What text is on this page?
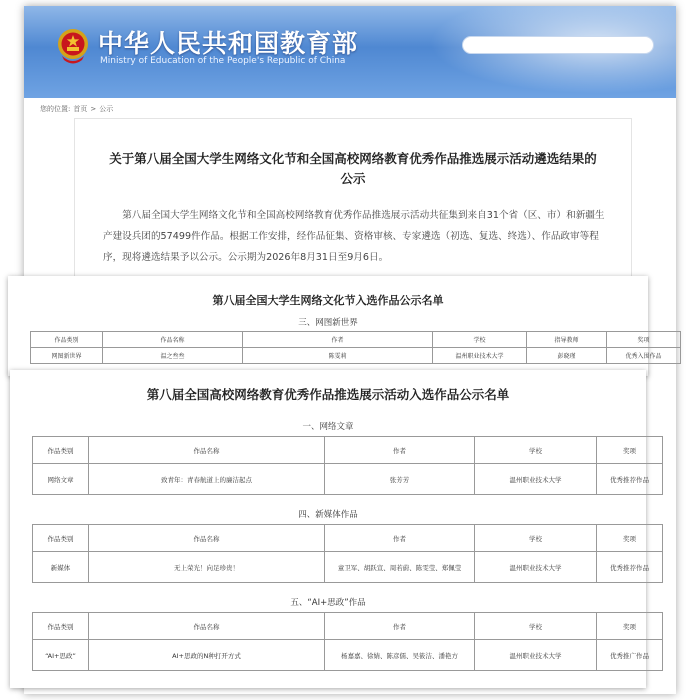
中华人民共和国教育部
Ministry of Education of the People's Republic of China
您的位置: 首页 > 公示
关于第八届全国大学生网络文化节和全国高校网络教育优秀作品推选展示活动遴选结果的
公示
第八届全国大学生网络文化节和全国高校网络教育优秀作品推选展示活动共征集到来自31个省（区、市）和新疆生产建设兵团的57499件作品。根据工作安排，经作品征集、资格审核、专家遴选（初选、复选、终选）、作品政审等程序，现将遴选结果予以公示。公示期为2026年8月31日至9月6日。
第八届全国大学生网络文化节入选作品公示名单
三、网图新世界
作品类别	作品名称	作者	学校	指导教师	奖项
网图新世界	温之叁叁	陈雯莉	温州职业技术大学	彭晓瑾	优秀入围作品
第八届全国高校网络教育优秀作品推选展示活动入选作品公示名单
一、网络文章
作品类别	作品名称	作者	学校	奖项
网络文章	致青年：青春航道上的廉洁起点	张芳芳	温州职业技术大学	优秀推荐作品
四、新媒体作品
作品类别	作品名称	作者	学校	奖项
新媒体	无上荣光！向足珍贵！	童卫军、胡跃宣、周若蔚、陈雯莹、郑佩莹	温州职业技术大学	优秀推荐作品
五、“AI+思政”作品
作品类别	作品名称	作者	学校	奖项
“AI+思政”	AI+思政的N种打开方式	杨嘉嘉、徐婧、陈彦儒、吴筱洁、潘艳方	温州职业技术大学	优秀推广作品
